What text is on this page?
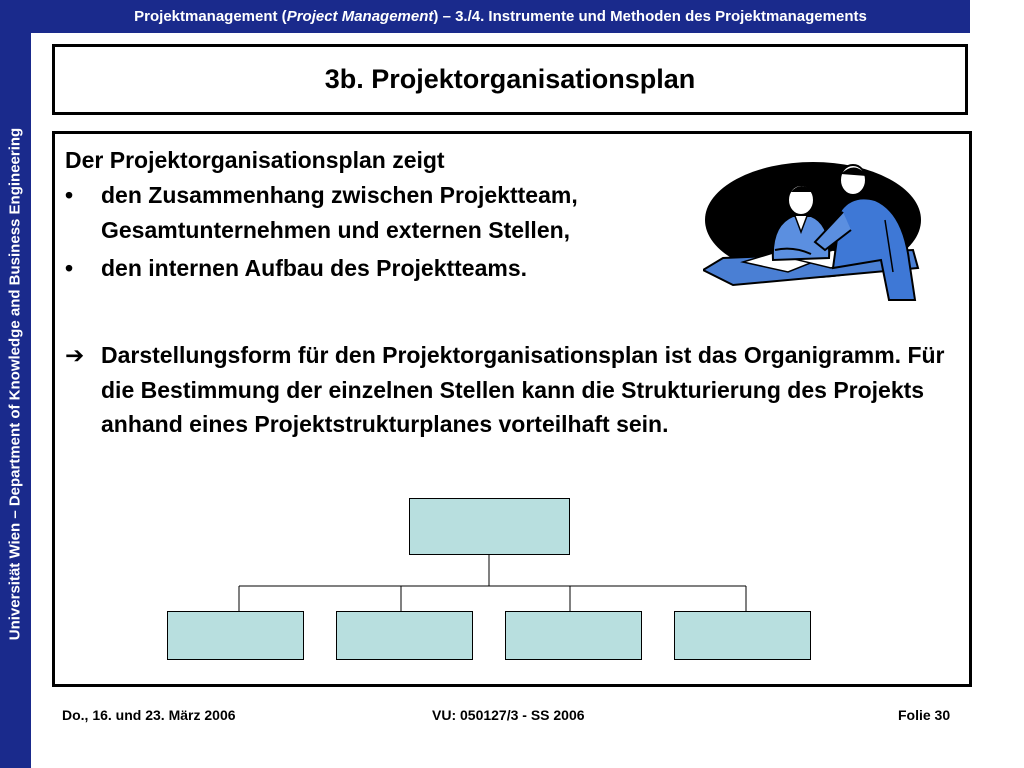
Universität Wien – Department of Knowledge and Business Engineering
Projektmanagement ( Project Management ) – 3./4. Instrumente und Methoden des Projektmanagements
3b. Projektorganisationsplan
Der Projektorganisationsplan zeigt
•	den Zusammenhang zwischen Projektteam, Gesamtunternehmen und externen Stellen,
•	den internen Aufbau des Projektteams.
➔ Darstellungsform für den Projektorganisationsplan ist das Organigramm. Für die Bestimmung der einzelnen Stellen kann die Strukturierung des Projekts anhand eines Projektstrukturplanes vorteilhaft sein.
Do., 16. und 23. März 2006	VU: 050127/3 - SS 2006	Folie 30
